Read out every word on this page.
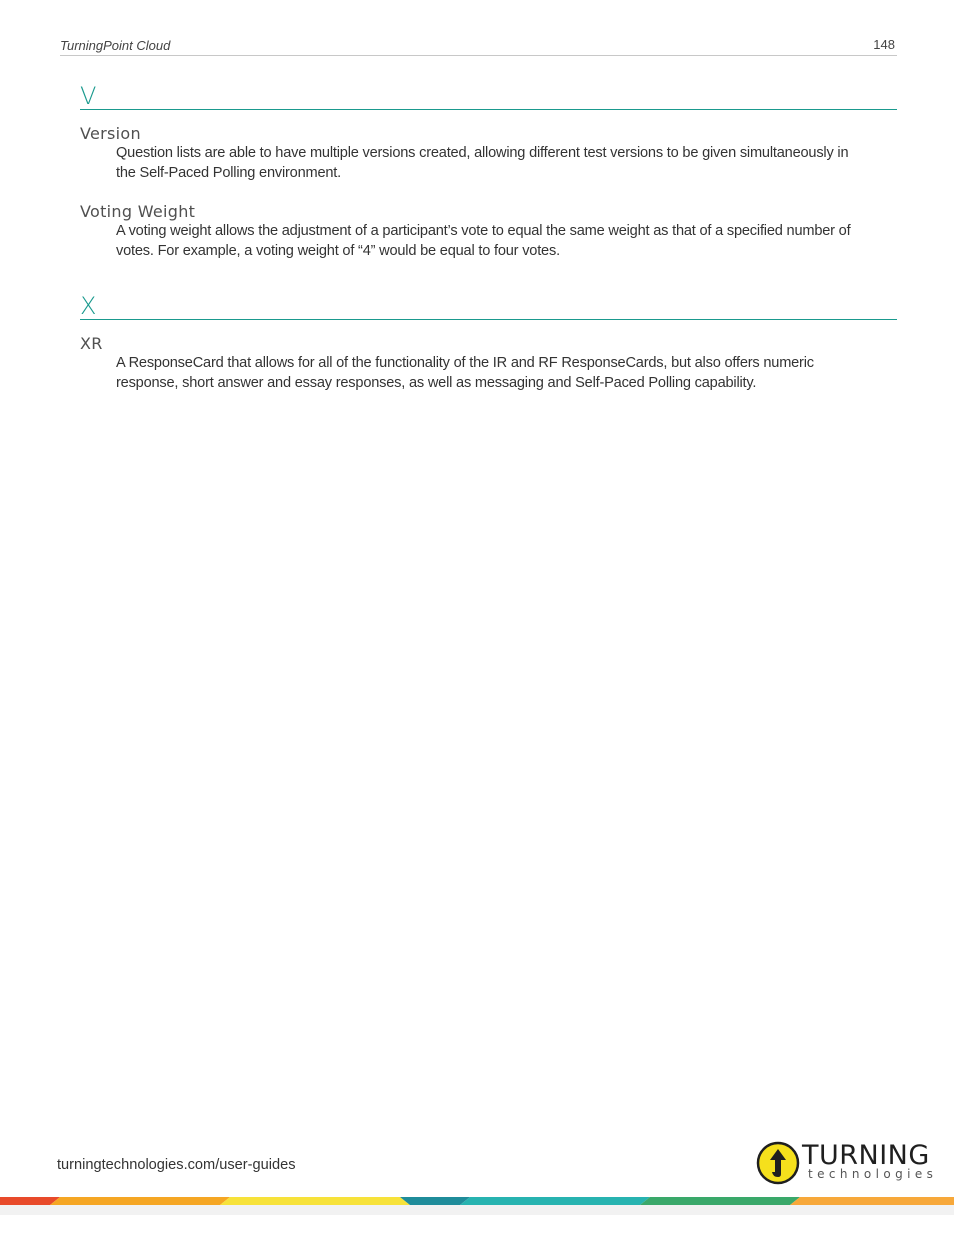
TurningPoint Cloud	148
V
Version
Question lists are able to have multiple versions created, allowing different test versions to be given simultaneously in
the Self-Paced Polling environment.
Voting Weight
A voting weight allows the adjustment of a participant’s vote to equal the same weight as that of a specified number of
votes. For example, a voting weight of “4” would be equal to four votes.
X
XR
A ResponseCard that allows for all of the functionality of the IR and RF ResponseCards, but also offers numeric
response, short answer and essay responses, as well as messaging and Self-Paced Polling capability.
turningtechnologies.com/user-guides	TURNING
technologies
